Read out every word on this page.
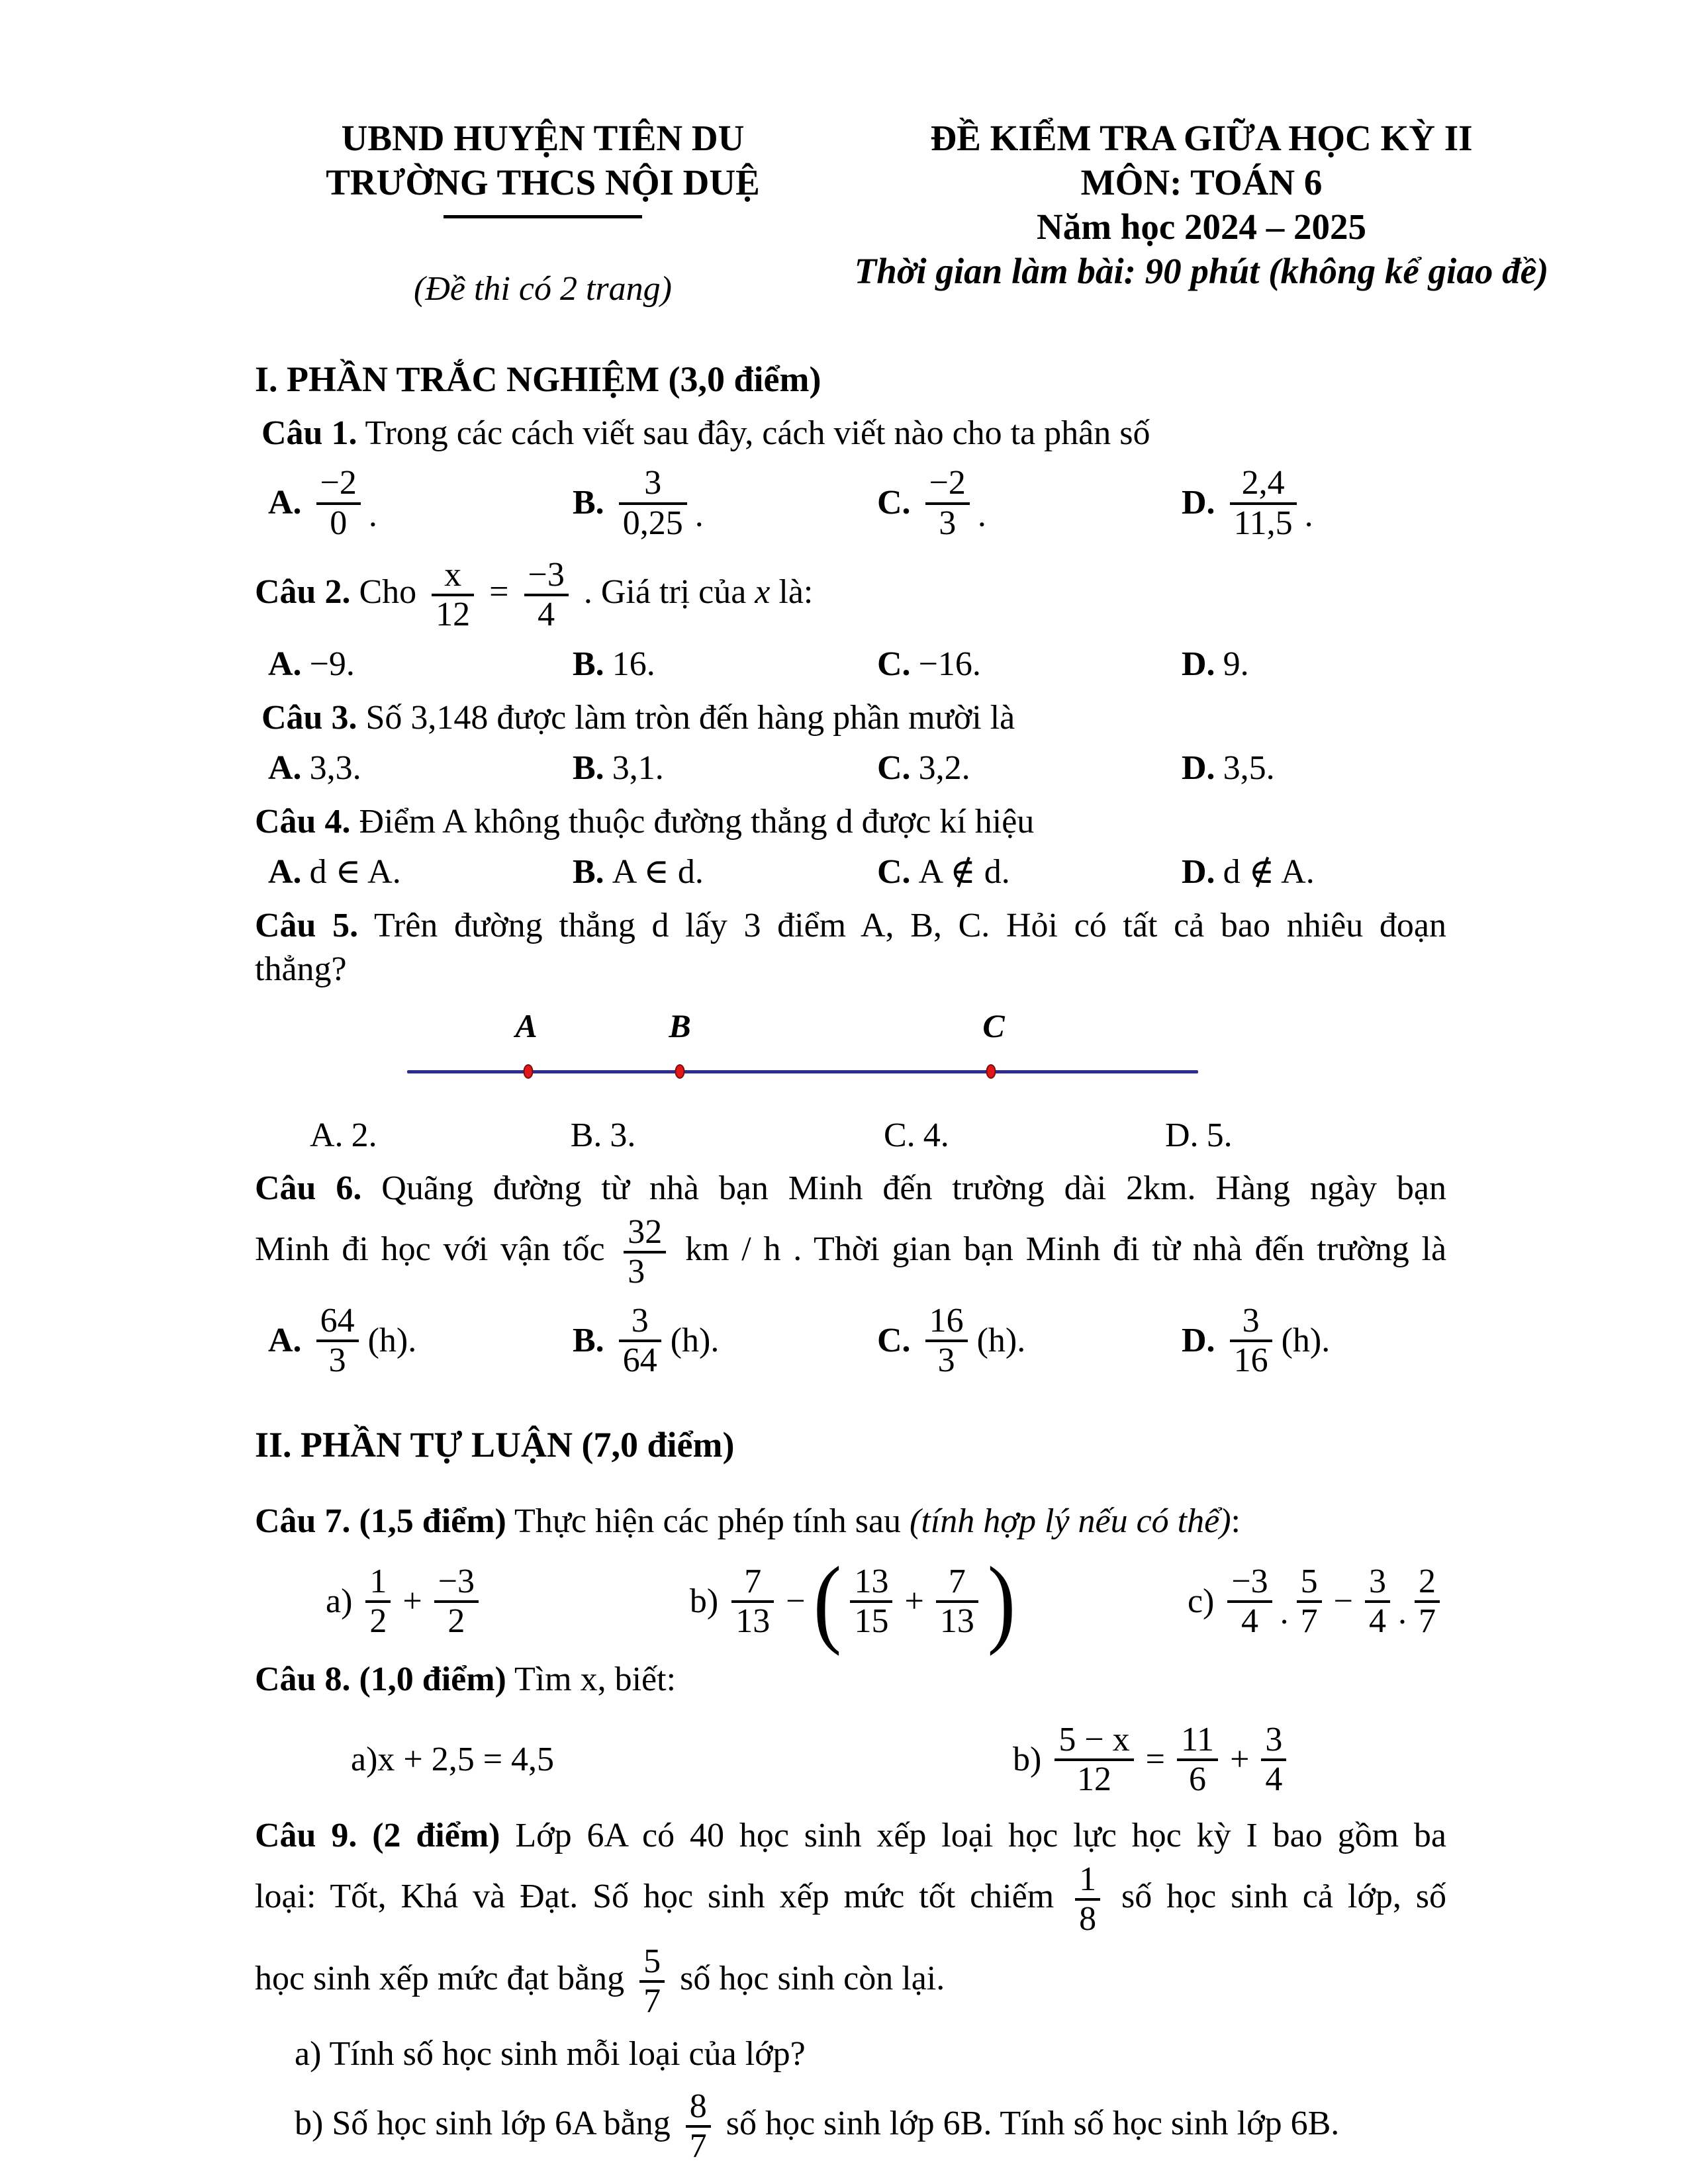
UBND HUYỆN TIÊN DU
TRƯỜNG THCS NỘI DUỆ
(Đề thi có 2 trang)
ĐỀ KIỂM TRA GIỮA HỌC KỲ II
MÔN: TOÁN 6
Năm học 2024 – 2025
Thời gian làm bài: 90 phút (không kể giao đề)
I. PHẦN TRẮC NGHIỆM (3,0 điểm)
Câu 1. Trong các cách viết sau đây, cách viết nào cho ta phân số
A. $\frac{-2}{0}$ .	B. $\frac{3}{0,25}$ .	C. $\frac{-2}{3}$ .	D. $\frac{2,4}{11,5}$ .
Câu 2. Cho $\frac{x}{12} = \frac{-3}{4}$ . Giá trị của x là:
A. −9.	B. 16.	C. −16.	D. 9.
Câu 3. Số 3,148 được làm tròn đến hàng phần mười là
A. 3,3.	B. 3,1.	C. 3,2.	D. 3,5.
Câu 4. Điểm A không thuộc đường thẳng d được kí hiệu
A. d ∈ A.	B. A ∈ d.	C. A ∉ d.	D. d ∉ A.
Câu 5. Trên đường thẳng d lấy 3 điểm A, B, C. Hỏi có tất cả bao nhiêu đoạn
thẳng?
A	B	C
A. 2.	B. 3.	C. 4.	D. 5.
Câu 6. Quãng đường từ nhà bạn Minh đến trường dài 2km. Hàng ngày bạn
Minh đi học với vận tốc $\frac{32}{3}$ km / h . Thời gian bạn Minh đi từ nhà đến trường là
A. $\frac{64}{3} (h)$.	B. $\frac{3}{64} (h)$.	C. $\frac{16}{3} (h)$.	D. $\frac{3}{16} (h)$.
II. PHẦN TỰ LUẬN (7,0 điểm)
Câu 7. (1,5 điểm) Thực hiện các phép tính sau (tính hợp lý nếu có thể):
$a) \frac{1}{2} + \frac{-3}{2}$	$b) \frac{7}{13}$ − ( $\frac{13}{15} + \frac{7}{13}$ )	$c) \frac{-3}{4}$ . $\frac{5}{7} - \frac{3}{4}$ . $\frac{2}{7}$
Câu 8. (1,0 điểm) Tìm x, biết:
a) x + 2,5 = 4,5	$b) \frac{5 - x}{12} = \frac{11}{6} + \frac{3}{4}$
Câu 9. (2 điểm) Lớp 6A có 40 học sinh xếp loại học lực học kỳ I bao gồm ba
loại: Tốt, Khá và Đạt. Số học sinh xếp mức tốt chiếm $\frac{1}{8}$ số học sinh cả lớp, số
học sinh xếp mức đạt bằng $\frac{5}{7}$ số học sinh còn lại.
a) Tính số học sinh mỗi loại của lớp?
b) Số học sinh lớp 6A bằng $\frac{8}{7}$ số học sinh lớp 6B. Tính số học sinh lớp 6B.
